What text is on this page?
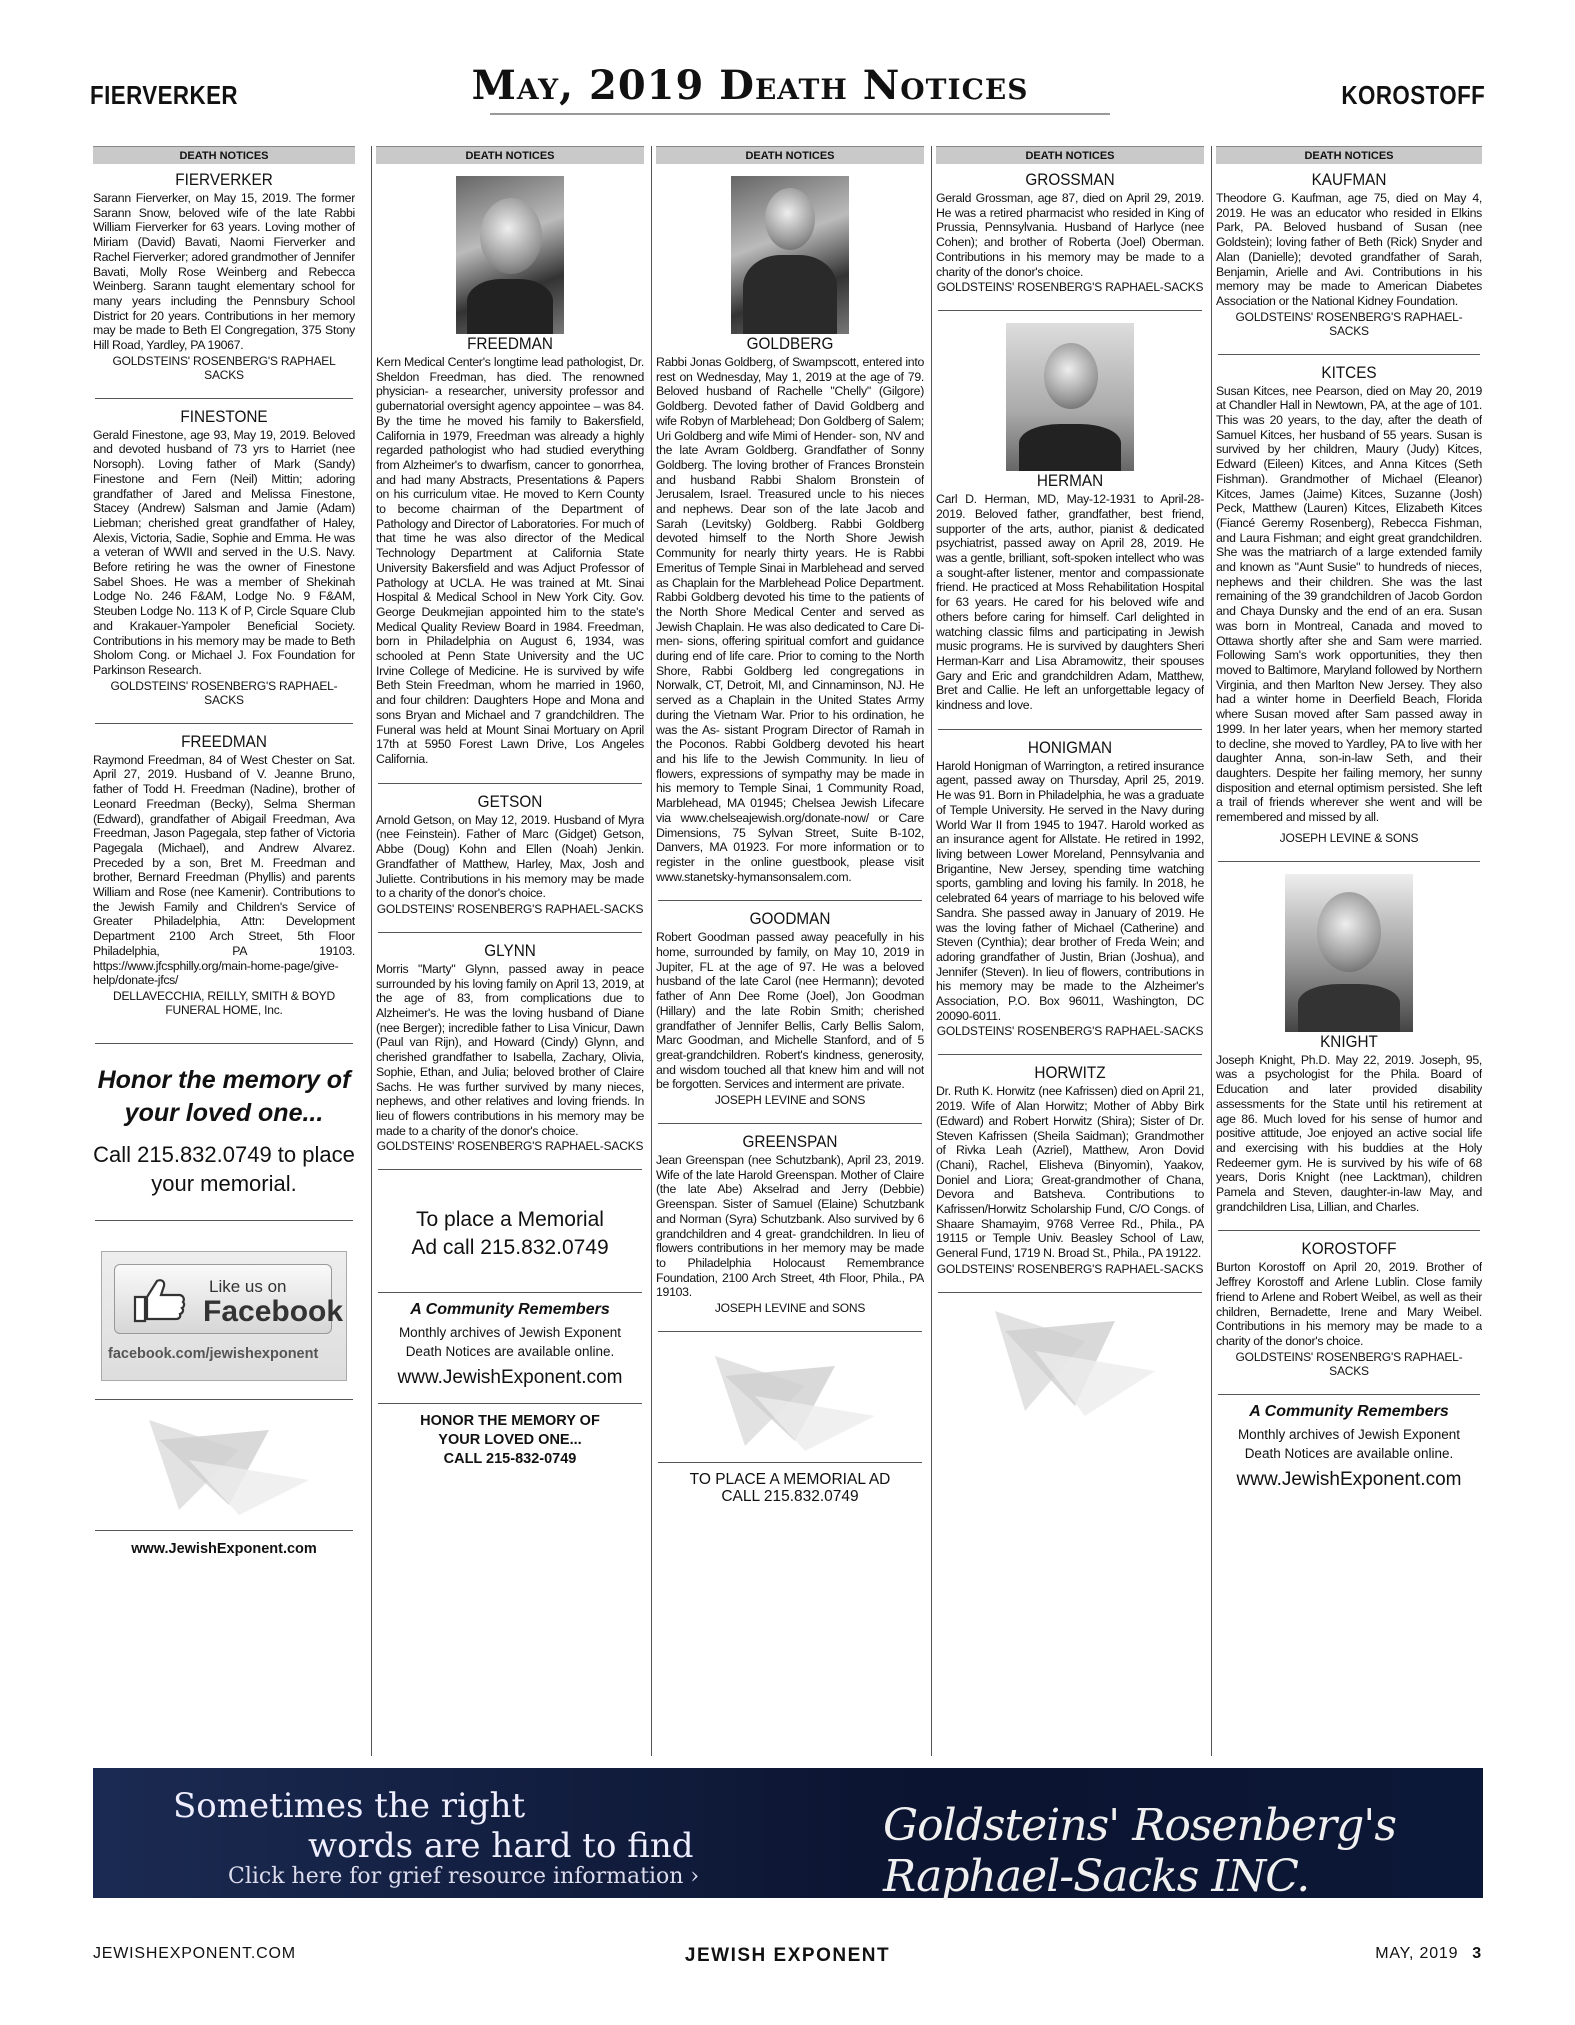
FIERVERKER	May, 2019 Death Notices	KOROSTOFF
DEATH NOTICES
FIERVERKER
Sarann Fierverker, on May 15, 2019. The former Sarann Snow, beloved wife of the late Rabbi William Fierverker for 63 years. Loving mother of Miriam (David) Bavati, Naomi Fierverker and Rachel Fierverker; adored grandmother of Jennifer Bavati, Molly Rose Weinberg and Rebecca Weinberg. Sarann taught elementary school for many years including the Pennsbury School District for 20 years. Contributions in her memory may be made to Beth El Congregation, 375 Stony Hill Road, Yardley, PA 19067.
GOLDSTEINS' ROSENBERG'S RAPHAEL SACKS
FINESTONE
Gerald Finestone, age 93, May 19, 2019. Beloved and devoted husband of 73 yrs to Harriet (nee Norsoph). Loving father of Mark (Sandy) Finestone and Fern (Neil) Mittin; adoring grandfather of Jared and Melissa Finestone, Stacey (Andrew) Salsman and Jamie (Adam) Liebman; cherished great grandfather of Haley, Alexis, Victoria, Sadie, Sophie and Emma. He was a veteran of WWII and served in the U.S. Navy. Before retiring he was the owner of Finestone Sabel Shoes. He was a member of Shekinah Lodge No. 246 F&AM, Lodge No. 9 F&AM, Steuben Lodge No. 113 K of P, Circle Square Club and Krakauer-Yampoler Beneficial Society. Contributions in his memory may be made to Beth Sholom Cong. or Michael J. Fox Foundation for Parkinson Research.
GOLDSTEINS' ROSENBERG'S RAPHAEL-SACKS
FREEDMAN
Raymond Freedman, 84 of West Chester on Sat. April 27, 2019. Husband of V. Jeanne Bruno, father of Todd H. Freedman (Nadine), brother of Leonard Freedman (Becky), Selma Sherman (Edward), grandfather of Abigail Freedman, Ava Freedman, Jason Pagegala, step father of Victoria Pagegala (Michael), and Andrew Alvarez. Preceded by a son, Bret M. Freedman and brother, Bernard Freedman (Phyllis) and parents William and Rose (nee Kamenir). Contributions to the Jewish Family and Children's Service of Greater Philadelphia, Attn: Development Department 2100 Arch Street, 5th Floor Philadelphia, PA 19103. https://www.jfcsphilly.org/main-home-page/give-help/donate-jfcs/
DELLAVECCHIA, REILLY, SMITH & BOYD FUNERAL HOME, Inc.
Honor the memory of your loved one...
Call 215.832.0749 to place your memorial.
Like us on
Facebook
facebook.com/jewishexponent
www.JewishExponent.com
DEATH NOTICES
FREEDMAN
Kern Medical Center's longtime lead pathologist, Dr. Sheldon Freedman, has died. The renowned physician- a researcher, university professor and gubernatorial oversight agency appointee – was 84. By the time he moved his family to Bakersfield, California in 1979, Freedman was already a highly regarded pathologist who had studied everything from Alzheimer's to dwarfism, cancer to gonorrhea, and had many Abstracts, Presentations & Papers on his curriculum vitae. He moved to Kern County to become chairman of the Department of Pathology and Director of Laboratories. For much of that time he was also director of the Medical Technology Department at California State University Bakersfield and was Adjuct Professor of Pathology at UCLA. He was trained at Mt. Sinai Hospital & Medical School in New York City. Gov. George Deukmejian appointed him to the state's Medical Quality Review Board in 1984. Freedman, born in Philadelphia on August 6, 1934, was schooled at Penn State University and the UC Irvine College of Medicine. He is survived by wife Beth Stein Freedman, whom he married in 1960, and four children: Daughters Hope and Mona and sons Bryan and Michael and 7 grandchildren. The Funeral was held at Mount Sinai Mortuary on April 17th at 5950 Forest Lawn Drive, Los Angeles California.
GETSON
Arnold Getson, on May 12, 2019. Husband of Myra (nee Feinstein). Father of Marc (Gidget) Getson, Abbe (Doug) Kohn and Ellen (Noah) Jenkin. Grandfather of Matthew, Harley, Max, Josh and Juliette. Contributions in his memory may be made to a charity of the donor's choice.
GOLDSTEINS' ROSENBERG'S RAPHAEL-SACKS
GLYNN
Morris "Marty" Glynn, passed away in peace surrounded by his loving family on April 13, 2019, at the age of 83, from complications due to Alzheimer's. He was the loving husband of Diane (nee Berger); incredible father to Lisa Vinicur, Dawn (Paul van Rijn), and Howard (Cindy) Glynn, and cherished grandfather to Isabella, Zachary, Olivia, Sophie, Ethan, and Julia; beloved brother of Claire Sachs. He was further survived by many nieces, nephews, and other relatives and loving friends. In lieu of flowers contributions in his memory may be made to a charity of the donor's choice.
GOLDSTEINS' ROSENBERG'S RAPHAEL-SACKS
To place a Memorial Ad call 215.832.0749
A Community Remembers
Monthly archives of Jewish Exponent Death Notices are available online.
www.JewishExponent.com
HONOR THE MEMORY OF YOUR LOVED ONE... CALL 215-832-0749
DEATH NOTICES
GOLDBERG
Rabbi Jonas Goldberg, of Swampscott, entered into rest on Wednesday, May 1, 2019 at the age of 79. Beloved husband of Rachelle "Chelly" (Gilgore) Goldberg. Devoted father of David Goldberg and wife Robyn of Marblehead; Don Goldberg of Salem; Uri Goldberg and wife Mimi of Hender- son, NV and the late Avram Goldberg. Grandfather of Sonny Goldberg. The loving brother of Frances Bronstein and husband Rabbi Shalom Bronstein of Jerusalem, Israel. Treasured uncle to his nieces and nephews. Dear son of the late Jacob and Sarah (Levitsky) Goldberg. Rabbi Goldberg devoted himself to the North Shore Jewish Community for nearly thirty years. He is Rabbi Emeritus of Temple Sinai in Marblehead and served as Chaplain for the Marblehead Police Department. Rabbi Goldberg devoted his time to the patients of the North Shore Medical Center and served as Jewish Chaplain. He was also dedicated to Care Di-men- sions, offering spiritual comfort and guidance during end of life care. Prior to coming to the North Shore, Rabbi Goldberg led congregations in Norwalk, CT, Detroit, MI, and Cinnaminson, NJ. He served as a Chaplain in the United States Army during the Vietnam War. Prior to his ordination, he was the As- sistant Program Director of Ramah in the Poconos. Rabbi Goldberg devoted his heart and his life to the Jewish Community. In lieu of flowers, expressions of sympathy may be made in his memory to Temple Sinai, 1 Community Road, Marblehead, MA 01945; Chelsea Jewish Lifecare via www.chelseajewish.org/donate-now/ or Care Dimensions, 75 Sylvan Street, Suite B-102, Danvers, MA 01923. For more information or to register in the online guestbook, please visit www.stanetsky-hymansonsalem.com.
GOODMAN
Robert Goodman passed away peacefully in his home, surrounded by family, on May 10, 2019 in Jupiter, FL at the age of 97. He was a beloved husband of the late Carol (nee Hermann); devoted father of Ann Dee Rome (Joel), Jon Goodman (Hillary) and the late Robin Smith; cherished grandfather of Jennifer Bellis, Carly Bellis Salom, Marc Goodman, and Michelle Stanford, and of 5 great-grandchildren. Robert's kindness, generosity, and wisdom touched all that knew him and will not be forgotten. Services and interment are private.
JOSEPH LEVINE and SONS
GREENSPAN
Jean Greenspan (nee Schutzbank), April 23, 2019. Wife of the late Harold Greenspan. Mother of Claire (the late Abe) Akselrad and Jerry (Debbie) Greenspan. Sister of Samuel (Elaine) Schutzbank and Norman (Syra) Schutzbank. Also survived by 6 grandchildren and 4 great- grandchildren. In lieu of flowers contributions in her memory may be made to Philadelphia Holocaust Remembrance Foundation, 2100 Arch Street, 4th Floor, Phila., PA 19103.
JOSEPH LEVINE and SONS
TO PLACE A MEMORIAL AD CALL 215.832.0749
DEATH NOTICES
GROSSMAN
Gerald Grossman, age 87, died on April 29, 2019. He was a retired pharmacist who resided in King of Prussia, Pennsylvania. Husband of Harlyce (nee Cohen); and brother of Roberta (Joel) Oberman. Contributions in his memory may be made to a charity of the donor's choice.
GOLDSTEINS' ROSENBERG'S RAPHAEL-SACKS
HERMAN
Carl D. Herman, MD, May-12-1931 to April-28-2019. Beloved father, grandfather, best friend, supporter of the arts, author, pianist & dedicated psychiatrist, passed away on April 28, 2019. He was a gentle, brilliant, soft-spoken intellect who was a sought-after listener, mentor and compassionate friend. He practiced at Moss Rehabilitation Hospital for 63 years. He cared for his beloved wife and others before caring for himself. Carl delighted in watching classic films and participating in Jewish music programs. He is survived by daughters Sheri Herman-Karr and Lisa Abramowitz, their spouses Gary and Eric and grandchildren Adam, Matthew, Bret and Callie. He left an unforgettable legacy of kindness and love.
HONIGMAN
Harold Honigman of Warrington, a retired insurance agent, passed away on Thursday, April 25, 2019. He was 91. Born in Philadelphia, he was a graduate of Temple University. He served in the Navy during World War II from 1945 to 1947. Harold worked as an insurance agent for Allstate. He retired in 1992, living between Lower Moreland, Pennsylvania and Brigantine, New Jersey, spending time watching sports, gambling and loving his family. In 2018, he celebrated 64 years of marriage to his beloved wife Sandra. She passed away in January of 2019. He was the loving father of Michael (Catherine) and Steven (Cynthia); dear brother of Freda Wein; and adoring grandfather of Justin, Brian (Joshua), and Jennifer (Steven). In lieu of flowers, contributions in his memory may be made to the Alzheimer's Association, P.O. Box 96011, Washington, DC 20090-6011.
GOLDSTEINS' ROSENBERG'S RAPHAEL-SACKS
HORWITZ
Dr. Ruth K. Horwitz (nee Kafrissen) died on April 21, 2019. Wife of Alan Horwitz; Mother of Abby Birk (Edward) and Robert Horwitz (Shira); Sister of Dr. Steven Kafrissen (Sheila Saidman); Grandmother of Rivka Leah (Azriel), Matthew, Aron Dovid (Chani), Rachel, Elisheva (Binyomin), Yaakov, Doniel and Liora; Great-grandmother of Chana, Devora and Batsheva. Contributions to Kafrissen/Horwitz Scholarship Fund, C/O Congs. of Shaare Shamayim, 9768 Verree Rd., Phila., PA 19115 or Temple Univ. Beasley School of Law, General Fund, 1719 N. Broad St., Phila., PA 19122.
GOLDSTEINS' ROSENBERG'S RAPHAEL-SACKS
DEATH NOTICES
KAUFMAN
Theodore G. Kaufman, age 75, died on May 4, 2019. He was an educator who resided in Elkins Park, PA. Beloved husband of Susan (nee Goldstein); loving father of Beth (Rick) Snyder and Alan (Danielle); devoted grandfather of Sarah, Benjamin, Arielle and Avi. Contributions in his memory may be made to American Diabetes Association or the National Kidney Foundation.
GOLDSTEINS' ROSENBERG'S RAPHAEL-SACKS
KITCES
Susan Kitces, nee Pearson, died on May 20, 2019 at Chandler Hall in Newtown, PA, at the age of 101. This was 20 years, to the day, after the death of Samuel Kitces, her husband of 55 years. Susan is survived by her children, Maury (Judy) Kitces, Edward (Eileen) Kitces, and Anna Kitces (Seth Fishman). Grandmother of Michael (Eleanor) Kitces, James (Jaime) Kitces, Suzanne (Josh) Peck, Matthew (Lauren) Kitces, Elizabeth Kitces (Fiancé Geremy Rosenberg), Rebecca Fishman, and Laura Fishman; and eight great grandchildren. She was the matriarch of a large extended family and known as "Aunt Susie" to hundreds of nieces, nephews and their children. She was the last remaining of the 39 grandchildren of Jacob Gordon and Chaya Dunsky and the end of an era. Susan was born in Montreal, Canada and moved to Ottawa shortly after she and Sam were married. Following Sam's work opportunities, they then moved to Baltimore, Maryland followed by Northern Virginia, and then Marlton New Jersey. They also had a winter home in Deerfield Beach, Florida where Susan moved after Sam passed away in 1999. In her later years, when her memory started to decline, she moved to Yardley, PA to live with her daughter Anna, son-in-law Seth, and their daughters. Despite her failing memory, her sunny disposition and eternal optimism persisted. She left a trail of friends wherever she went and will be remembered and missed by all.
JOSEPH LEVINE & SONS
KNIGHT
Joseph Knight, Ph.D. May 22, 2019. Joseph, 95, was a psychologist for the Phila. Board of Education and later provided disability assessments for the State until his retirement at age 86. Much loved for his sense of humor and positive attitude, Joe enjoyed an active social life and exercising with his buddies at the Holy Redeemer gym. He is survived by his wife of 68 years, Doris Knight (nee Lacktman), children Pamela and Steven, daughter-in-law May, and grandchildren Lisa, Lillian, and Charles.
KOROSTOFF
Burton Korostoff on April 20, 2019. Brother of Jeffrey Korostoff and Arlene Lublin. Close family friend to Arlene and Robert Weibel, as well as their children, Bernadette, Irene and Mary Weibel. Contributions in his memory may be made to a charity of the donor's choice.
GOLDSTEINS' ROSENBERG'S RAPHAEL-SACKS
A Community Remembers
Monthly archives of Jewish Exponent Death Notices are available online.
www.JewishExponent.com
Sometimes the right
words are hard to find
Click here for grief resource information ›
Goldsteins' Rosenberg's Raphael-Sacks INC.
JEWISHEXPONENT.COM	JEWISH EXPONENT	MAY, 2019 3
